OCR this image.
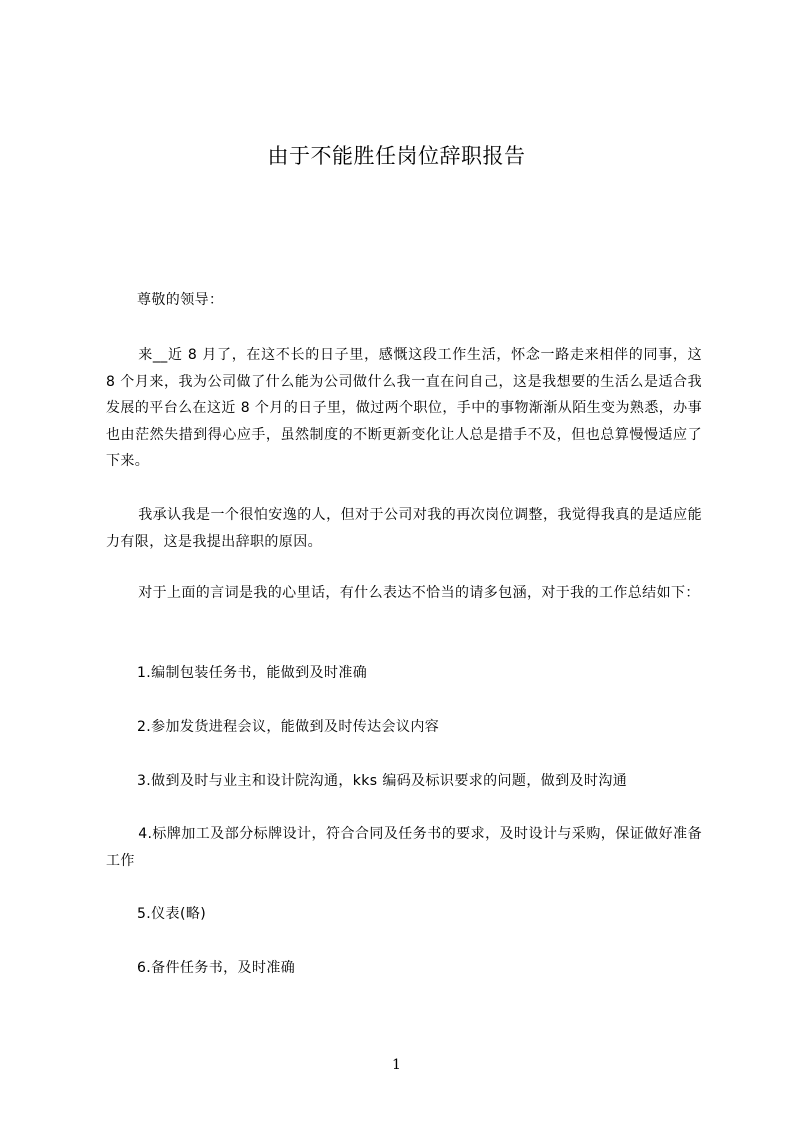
由于不能胜任岗位辞职报告
尊敬的领导：
来__近 8 月了，在这不长的日子里，感慨这段工作生活，怀念一路走来相伴的同事，这 8 个月来，我为公司做了什么能为公司做什么我一直在问自己，这是我想要的生活么是适合我发展的平台么在这近 8 个月的日子里，做过两个职位，手中的事物渐渐从陌生变为熟悉，办事也由茫然失措到得心应手，虽然制度的不断更新变化让人总是措手不及，但也总算慢慢适应了下来。
我承认我是一个很怕安逸的人，但对于公司对我的再次岗位调整，我觉得我真的是适应能力有限，这是我提出辞职的原因。
对于上面的言词是我的心里话，有什么表达不恰当的请多包涵，对于我的工作总结如下：
1.编制包装任务书，能做到及时准确
2.参加发货进程会议，能做到及时传达会议内容
3.做到及时与业主和设计院沟通，kks 编码及标识要求的问题，做到及时沟通
4.标牌加工及部分标牌设计，符合合同及任务书的要求，及时设计与采购，保证做好准备工作
5.仪表(略)
6.备件任务书，及时准确
1
